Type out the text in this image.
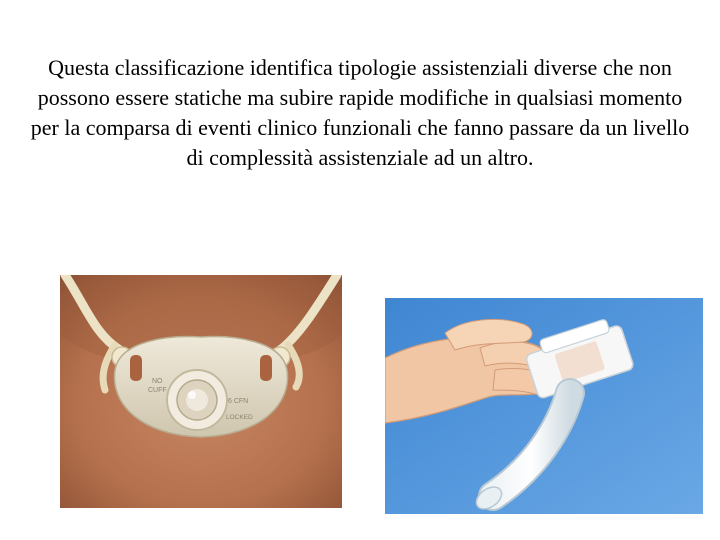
Questa classificazione identifica tipologie assistenziali diverse che non possono essere statiche ma subire rapide modifiche in qualsiasi momento per la comparsa di eventi clinico funzionali che fanno passare da un livello di complessità assistenziale ad un altro.

NO
CUFF
6 CFN
LOCKED
